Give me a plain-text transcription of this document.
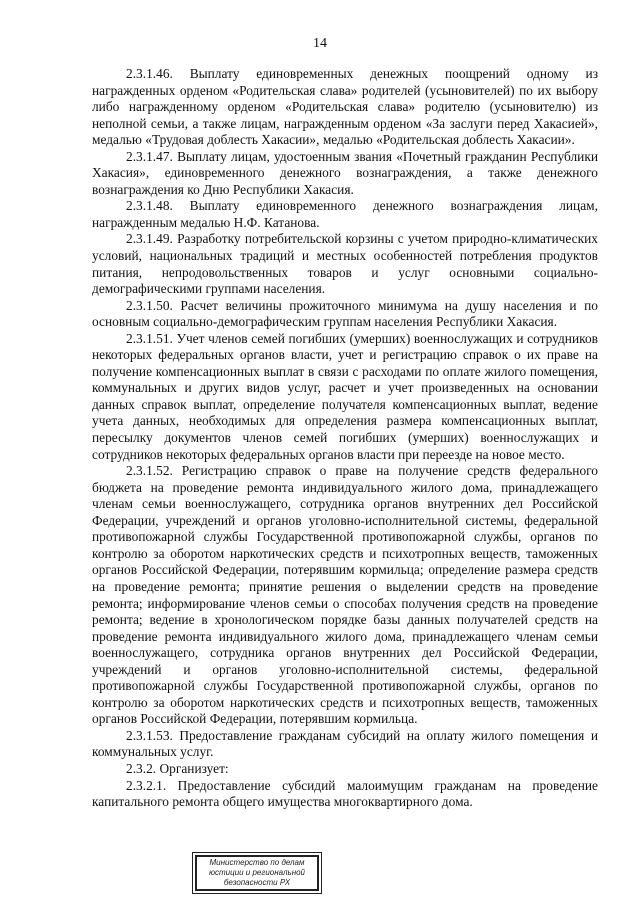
14

2.3.1.46. Выплату единовременных денежных поощрений одному из награжденных орденом «Родительская слава» родителей (усыновителей) по их выбору либо награжденному орденом «Родительская слава» родителю (усыновителю) из неполной семьи, а также лицам, награжденным орденом «За заслуги перед Хакасией», медалью «Трудовая доблесть Хакасии», медалью «Родительская доблесть Хакасии».

2.3.1.47. Выплату лицам, удостоенным звания «Почетный гражданин Республики Хакасия», единовременного денежного вознаграждения, а также денежного вознаграждения ко Дню Республики Хакасия.

2.3.1.48. Выплату единовременного денежного вознаграждения лицам, награжденным медалью Н.Ф. Катанова.

2.3.1.49. Разработку потребительской корзины с учетом природно-климатических условий, национальных традиций и местных особенностей потребления продуктов питания, непродовольственных товаров и услуг основными социально-демографическими группами населения.

2.3.1.50. Расчет величины прожиточного минимума на душу населения и по основным социально-демографическим группам населения Республики Хакасия.

2.3.1.51. Учет членов семей погибших (умерших) военнослужащих и сотрудников некоторых федеральных органов власти, учет и регистрацию справок о их праве на получение компенсационных выплат в связи с расходами по оплате жилого помещения, коммунальных и других видов услуг, расчет и учет произведенных на основании данных справок выплат, определение получателя компенсационных выплат, ведение учета данных, необходимых для определения размера компенсационных выплат, пересылку документов членов семей погибших (умерших) военнослужащих и сотрудников некоторых федеральных органов власти при переезде на новое место.

2.3.1.52. Регистрацию справок о праве на получение средств федерального бюджета на проведение ремонта индивидуального жилого дома, принадлежащего членам семьи военнослужащего, сотрудника органов внутренних дел Российской Федерации, учреждений и органов уголовно-исполнительной системы, федеральной противопожарной службы Государственной противопожарной службы, органов по контролю за оборотом наркотических средств и психотропных веществ, таможенных органов Российской Федерации, потерявшим кормильца; определение размера средств на проведение ремонта; принятие решения о выделении средств на проведение ремонта; информирование членов семьи о способах получения средств на проведение ремонта; ведение в хронологическом порядке базы данных получателей средств на проведение ремонта индивидуального жилого дома, принадлежащего членам семьи военнослужащего, сотрудника органов внутренних дел Российской Федерации, учреждений и органов уголовно-исполнительной системы, федеральной противопожарной службы Государственной противопожарной службы, органов по контролю за оборотом наркотических средств и психотропных веществ, таможенных органов Российской Федерации, потерявшим кормильца.

2.3.1.53. Предоставление гражданам субсидий на оплату жилого помещения и коммунальных услуг.

2.3.2. Организует:

2.3.2.1. Предоставление субсидий малоимущим гражданам на проведение капитального ремонта общего имущества многоквартирного дома.

Министерство по делам
юстиции и региональной
безопасности РХ
